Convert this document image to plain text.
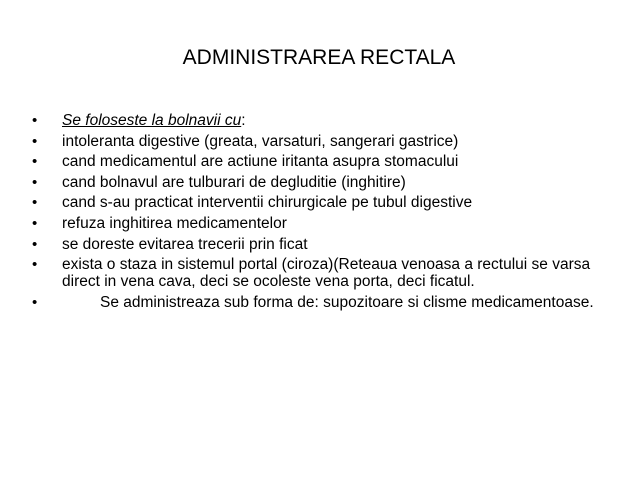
ADMINISTRAREA RECTALA
• Se foloseste la bolnavii cu:
• intoleranta digestive (greata, varsaturi, sangerari gastrice)
• cand medicamentul are actiune iritanta asupra stomacului
• cand bolnavul are tulburari de degluditie (inghitire)
• cand s-au practicat interventii chirurgicale pe tubul digestive
• refuza inghitirea medicamentelor
• se doreste evitarea trecerii prin ficat
• exista o staza in sistemul portal (ciroza)(Reteaua venoasa a rectului se varsa direct in vena cava, deci se ocoleste vena porta, deci ficatul.
•	Se administreaza sub forma de: supozitoare si clisme medicamentoase.
